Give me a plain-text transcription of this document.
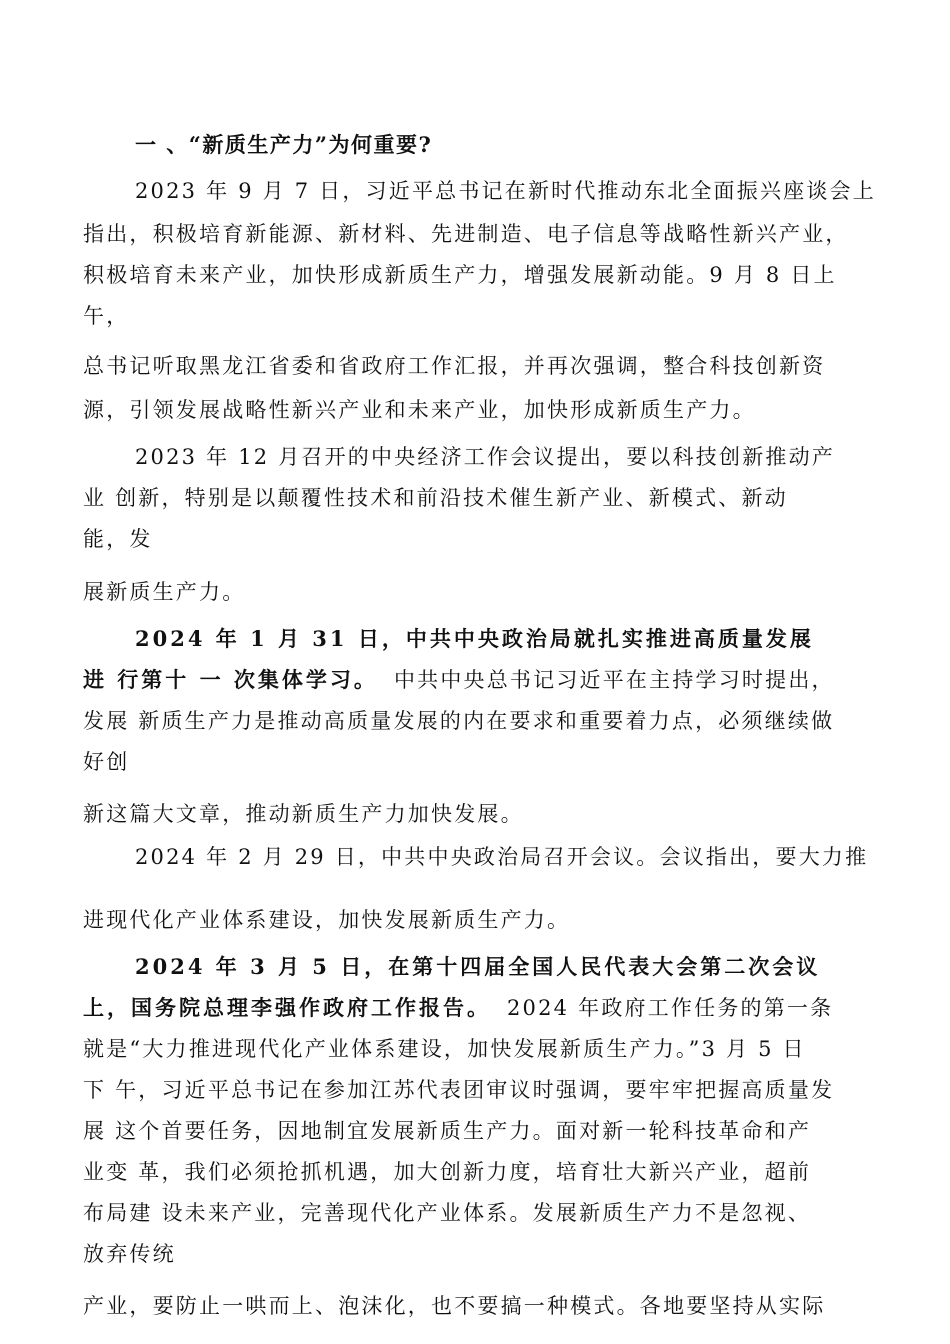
一 、“新质生产力”为何重要?
2023 年 9 月 7 日，习近平总书记在新时代推动东北全面振兴座谈会上
指出，积极培育新能源、新材料、先进制造、电子信息等战略性新兴产业，
积极培育未来产业，加快形成新质生产力，增强发展新动能。9 月 8 日上
午，
总书记听取黑龙江省委和省政府工作汇报，并再次强调，整合科技创新资
源，引领发展战略性新兴产业和未来产业，加快形成新质生产力。
2023 年 12 月召开的中央经济工作会议提出，要以科技创新推动产
业 创新，特别是以颠覆性技术和前沿技术催生新产业、新模式、新动
能，发
展新质生产力。
2024 年 1 月 31 日，中共中央政治局就扎实推进高质量发展
进 行第十 一 次集体学习。 中共中央总书记习近平在主持学习时提出，
发展 新质生产力是推动高质量发展的内在要求和重要着力点，必须继续做
好创
新这篇大文章，推动新质生产力加快发展。
2024 年 2 月 29 日，中共中央政治局召开会议。会议指出，要大力推
进现代化产业体系建设，加快发展新质生产力。
2024 年 3 月 5 日，在第十四届全国人民代表大会第二次会议
上，国务院总理李强作政府工作报告。 2024 年政府工作任务的第一条
就是“大力推进现代化产业体系建设，加快发展新质生产力。”3 月 5 日
下 午，习近平总书记在参加江苏代表团审议时强调，要牢牢把握高质量发
展 这个首要任务，因地制宜发展新质生产力。面对新一轮科技革命和产
业变 革，我们必须抢抓机遇，加大创新力度，培育壮大新兴产业，超前
布局建 设未来产业，完善现代化产业体系。发展新质生产力不是忽视、
放弃传统
产业，要防止一哄而上、泡沫化，也不要搞一种模式。各地要坚持从实际
